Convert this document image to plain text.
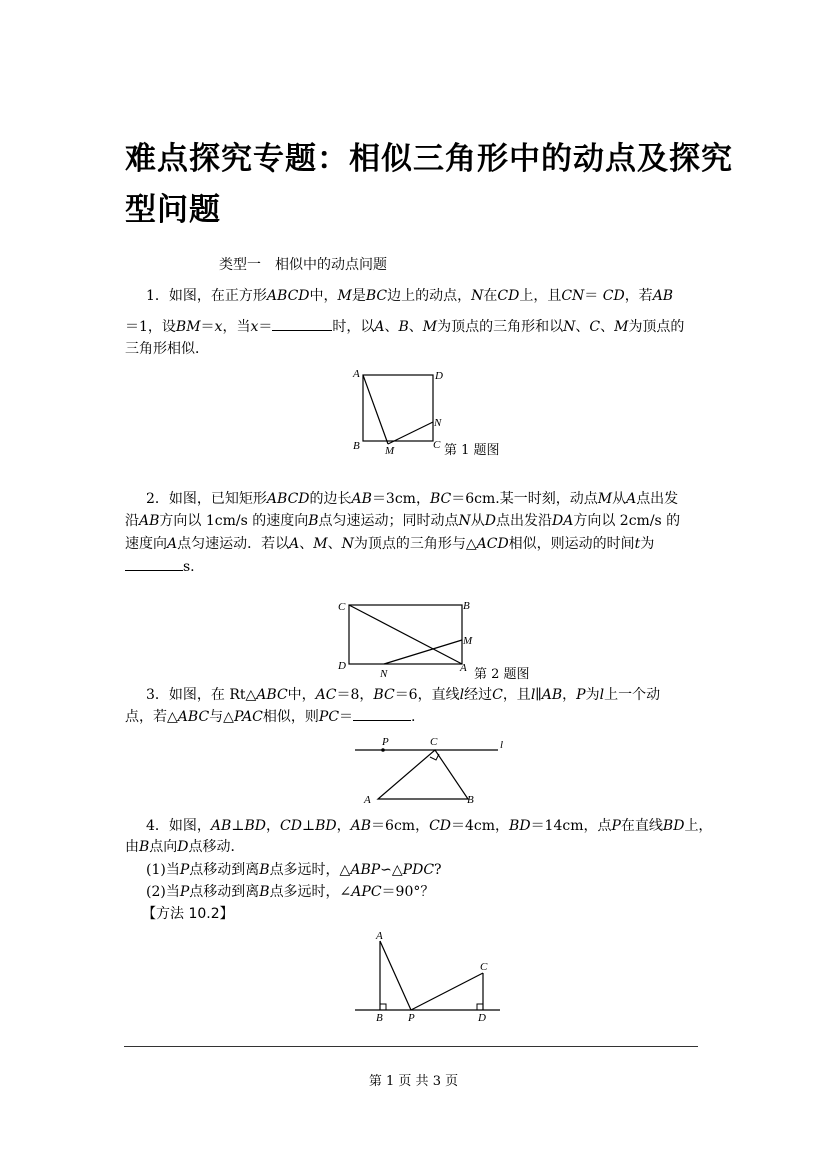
难点探究专题：相似三角形中的动点及探究
型问题
类型一　相似中的动点问题
1．如图，在正方形ABCD中，M是BC边上的动点，N在CD上，且CN＝ CD，若AB
＝1，设BM＝x，当x＝	时，以A、B、M为顶点的三角形和以N、C、M为顶点的
三角形相似．
A	D
B M
N
C 第 1 题图
2．如图，已知矩形ABCD的边长AB＝3cm，BC＝6cm.某一时刻，动点M从A点出发
沿AB方向以 1cm/s 的速度向B点匀速运动；同时动点N从D点出发沿DA方向以 2cm/s 的
速度向A点匀速运动．若以A、M、N为顶点的三角形与△ACD相似，则运动的时间t为
s.
C	B
M
D
N	A 第 2 题图
3．如图，在 Rt△ABC中，AC＝8，BC＝6，直线l经过C，且l∥AB，P为l上一个动
点，若△ABC与△PAC相似，则PC＝	.
P	C	l
A	B
4．如图，AB⊥BD，CD⊥BD，AB＝6cm，CD＝4cm，BD＝14cm，点P在直线BD上，
由B点向D点移动．
(1)当P点移动到离B点多远时，△ABP∽△PDC?
(2)当P点移动到离B点多远时，∠APC＝90°？
【方法 10.2】
A
C
B P	D
第 1 页 共 3 页
